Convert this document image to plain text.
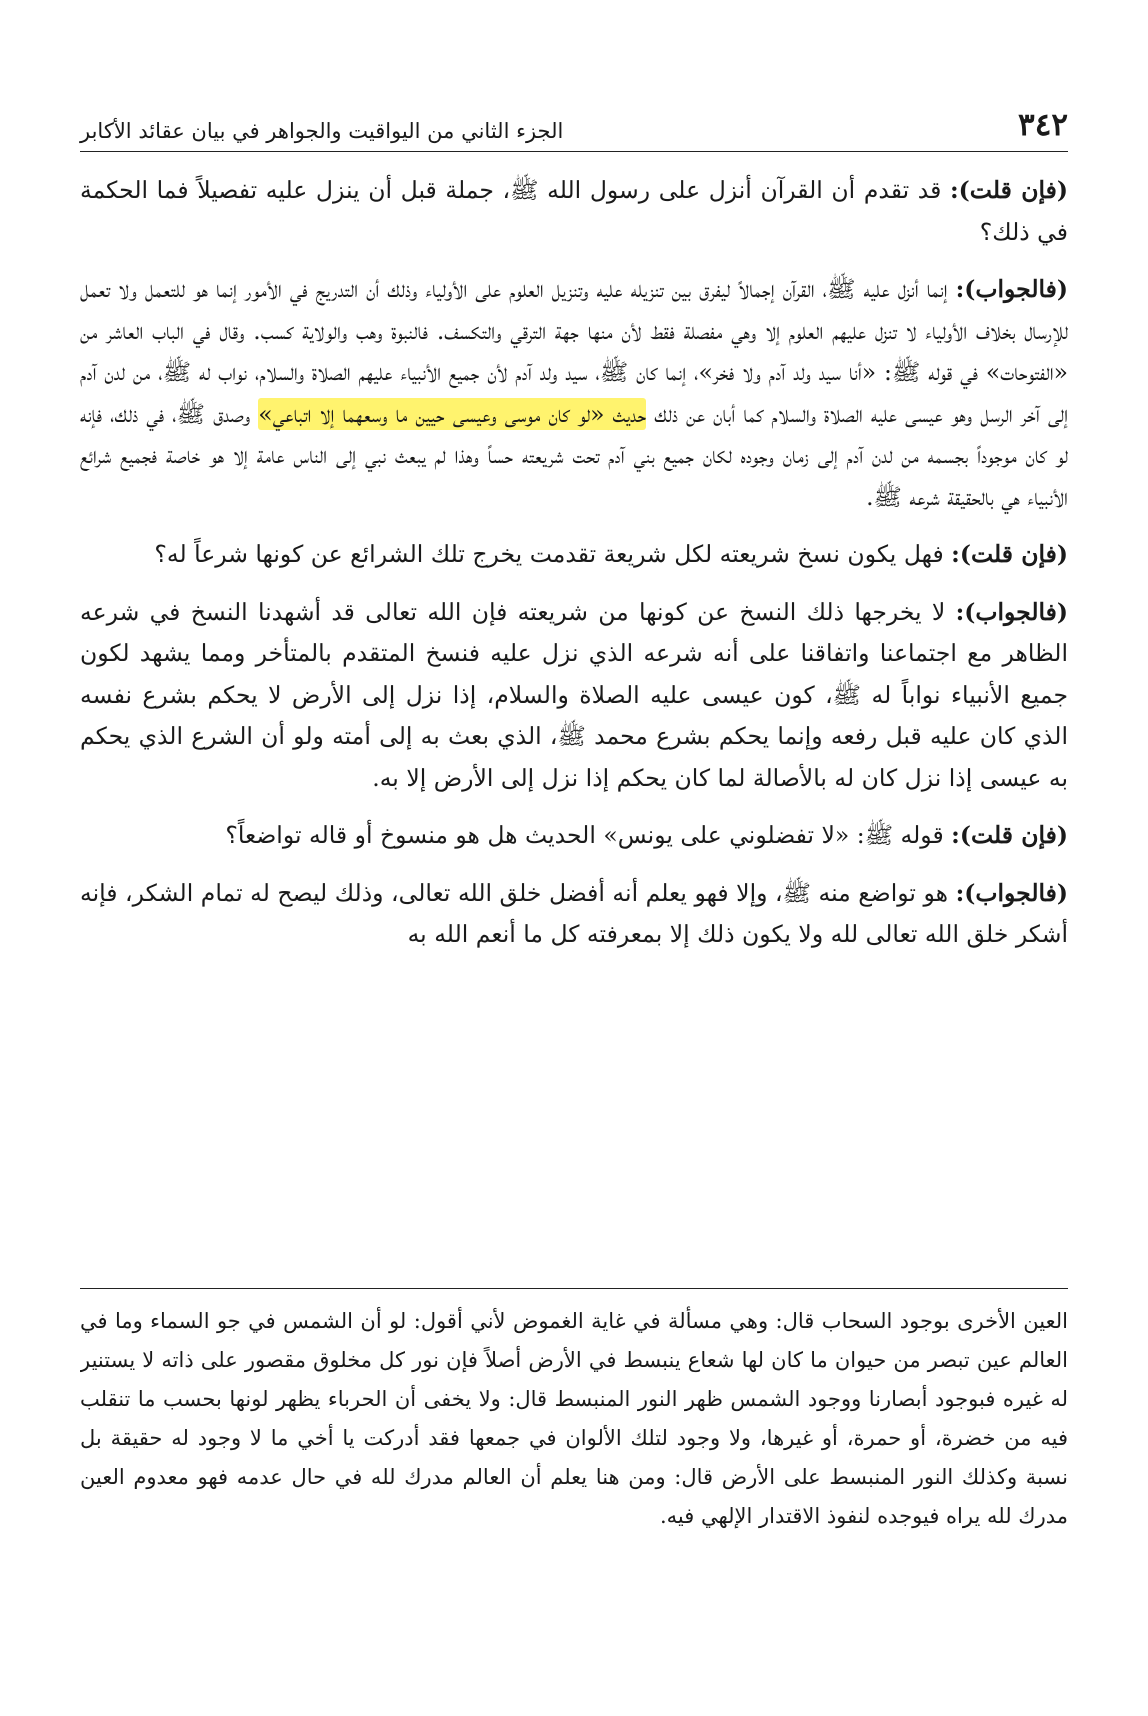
٣٤٢
الجزء الثاني من اليواقيت والجواهر في بيان عقائد الأكابر

(فإن قلت): قد تقدم أن القرآن أنزل على رسول الله ﷺ، جملة قبل أن ينزل عليه تفصيلاً فما الحكمة في ذلك؟

(فالجواب): إنما أنزل عليه ﷺ، القرآن إجمالاً ليفرق بين تنزيله عليه وتنزيل العلوم على الأولياء وذلك أن التدريج في الأمور إنما هو للتعمل ولا تعمل للإرسال بخلاف الأولياء لا تنزل عليهم العلوم إلا وهي مفصلة فقط لأن منها جهة الترقي والتكسف. فالنبوة وهب والولاية كسب. وقال في الباب العاشر من «الفتوحات» في قوله ﷺ: «أنا سيد ولد آدم ولا فخر»، إنما كان ﷺ، سيد ولد آدم لأن جميع الأنبياء عليهم الصلاة والسلام، نواب له ﷺ، من لدن آدم إلى آخر الرسل وهو عيسى عليه الصلاة والسلام كما أبان عن ذلك حديث «لو كان موسى وعيسى حيين ما وسعهما إلا اتباعي» وصدق ﷺ، في ذلك، فإنه لو كان موجوداً بجسمه من لدن آدم إلى زمان وجوده لكان جميع بني آدم تحت شريعته حساً وهذا لم يبعث نبي إلى الناس عامة إلا هو خاصة فجميع شرائع الأنبياء هي بالحقيقة شرعه ﷺ.

(فإن قلت): فهل يكون نسخ شريعته لكل شريعة تقدمت يخرج تلك الشرائع عن كونها شرعاً له؟

(فالجواب): لا يخرجها ذلك النسخ عن كونها من شريعته فإن الله تعالى قد أشهدنا النسخ في شرعه الظاهر مع اجتماعنا واتفاقنا على أنه شرعه الذي نزل عليه فنسخ المتقدم بالمتأخر ومما يشهد لكون جميع الأنبياء نواباً له ﷺ، كون عيسى عليه الصلاة والسلام، إذا نزل إلى الأرض لا يحكم بشرع نفسه الذي كان عليه قبل رفعه وإنما يحكم بشرع محمد ﷺ، الذي بعث به إلى أمته ولو أن الشرع الذي يحكم به عيسى إذا نزل كان له بالأصالة لما كان يحكم إذا نزل إلى الأرض إلا به.

(فإن قلت): قوله ﷺ: «لا تفضلوني على يونس» الحديث هل هو منسوخ أو قاله تواضعاً؟

(فالجواب): هو تواضع منه ﷺ، وإلا فهو يعلم أنه أفضل خلق الله تعالى، وذلك ليصح له تمام الشكر، فإنه أشكر خلق الله تعالى لله ولا يكون ذلك إلا بمعرفته كل ما أنعم الله به

العين الأخرى بوجود السحاب قال: وهي مسألة في غاية الغموض لأني أقول: لو أن الشمس في جو السماء وما في العالم عين تبصر من حيوان ما كان لها شعاع ينبسط في الأرض أصلاً فإن نور كل مخلوق مقصور على ذاته لا يستنير له غيره فبوجود أبصارنا ووجود الشمس ظهر النور المنبسط قال: ولا يخفى أن الحرباء يظهر لونها بحسب ما تنقلب فيه من خضرة، أو حمرة، أو غيرها، ولا وجود لتلك الألوان في جمعها فقد أدركت يا أخي ما لا وجود له حقيقة بل نسبة وكذلك النور المنبسط على الأرض قال: ومن هنا يعلم أن العالم مدرك لله في حال عدمه فهو معدوم العين مدرك لله يراه فيوجده لنفوذ الاقتدار الإلهي فيه.
